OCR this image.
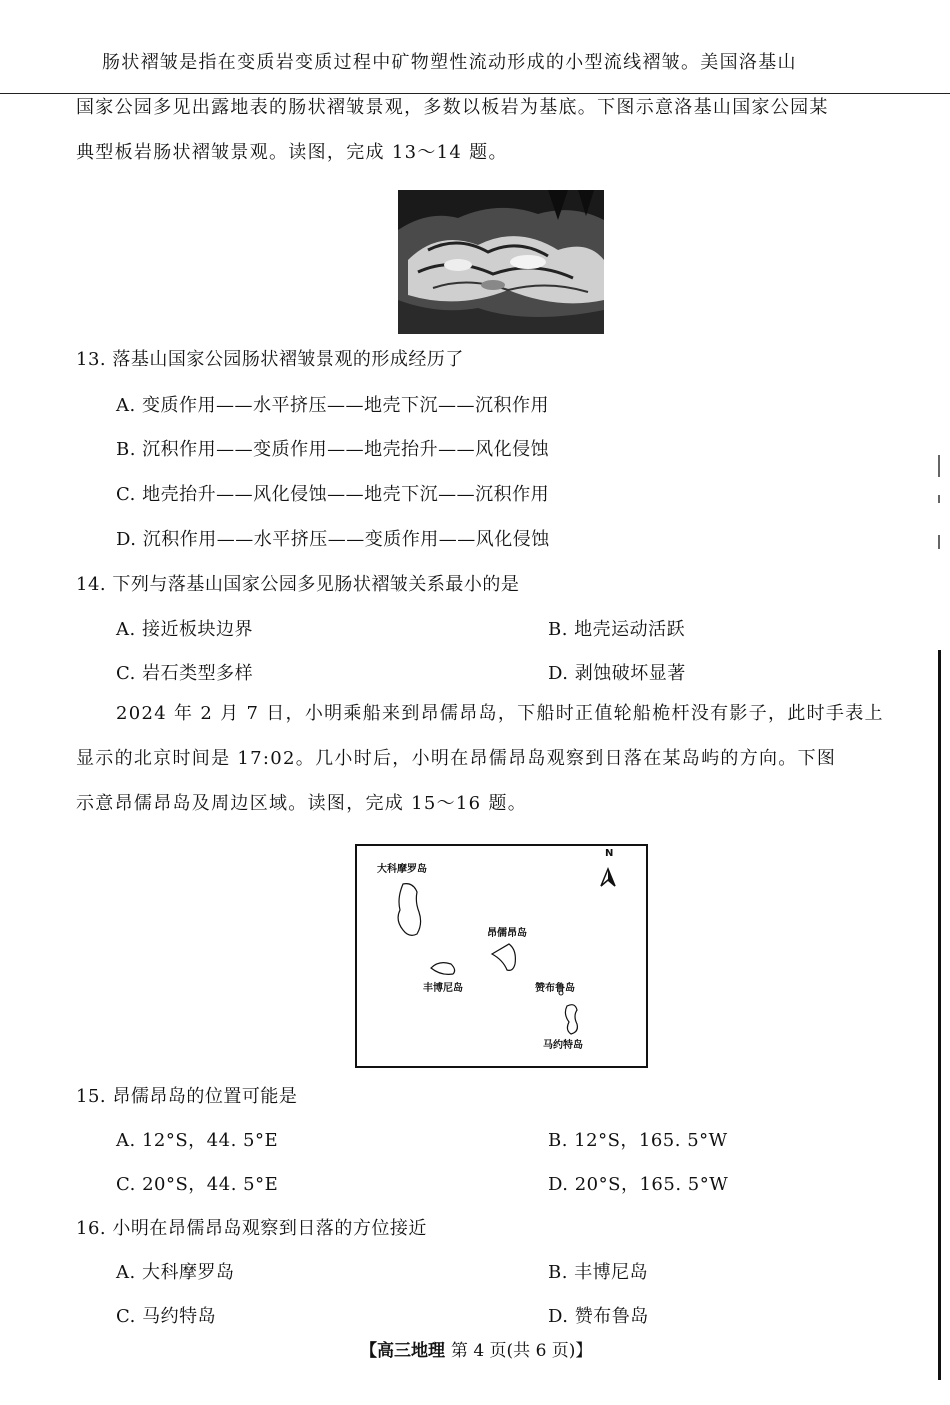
肠状褶皱是指在变质岩变质过程中矿物塑性流动形成的小型流线褶皱。美国洛基山
国家公园多见出露地表的肠状褶皱景观，多数以板岩为基底。下图示意洛基山国家公园某
典型板岩肠状褶皱景观。读图，完成 13～14 题。
13. 落基山国家公园肠状褶皱景观的形成经历了
A. 变质作用——水平挤压——地壳下沉——沉积作用
B. 沉积作用——变质作用——地壳抬升——风化侵蚀
C. 地壳抬升——风化侵蚀——地壳下沉——沉积作用
D. 沉积作用——水平挤压——变质作用——风化侵蚀
14. 下列与落基山国家公园多见肠状褶皱关系最小的是
A. 接近板块边界	B. 地壳运动活跃
C. 岩石类型多样	D. 剥蚀破坏显著
2024 年 2 月 7 日，小明乘船来到昂儒昂岛，下船时正值轮船桅杆没有影子，此时手表上
显示的北京时间是 17:02。几小时后，小明在昂儒昂岛观察到日落在某岛屿的方向。下图
示意昂儒昂岛及周边区域。读图，完成 15～16 题。
N
大科摩罗岛
昂儒昂岛
丰博尼岛	赞布鲁岛
马约特岛
15. 昂儒昂岛的位置可能是
A. 12°S，44. 5°E	B. 12°S，165. 5°W
C. 20°S，44. 5°E	D. 20°S，165. 5°W
16. 小明在昂儒昂岛观察到日落的方位接近
A. 大科摩罗岛	B. 丰博尼岛
C. 马约特岛	D. 赞布鲁岛
【高三地理 第 4 页(共 6 页)】
